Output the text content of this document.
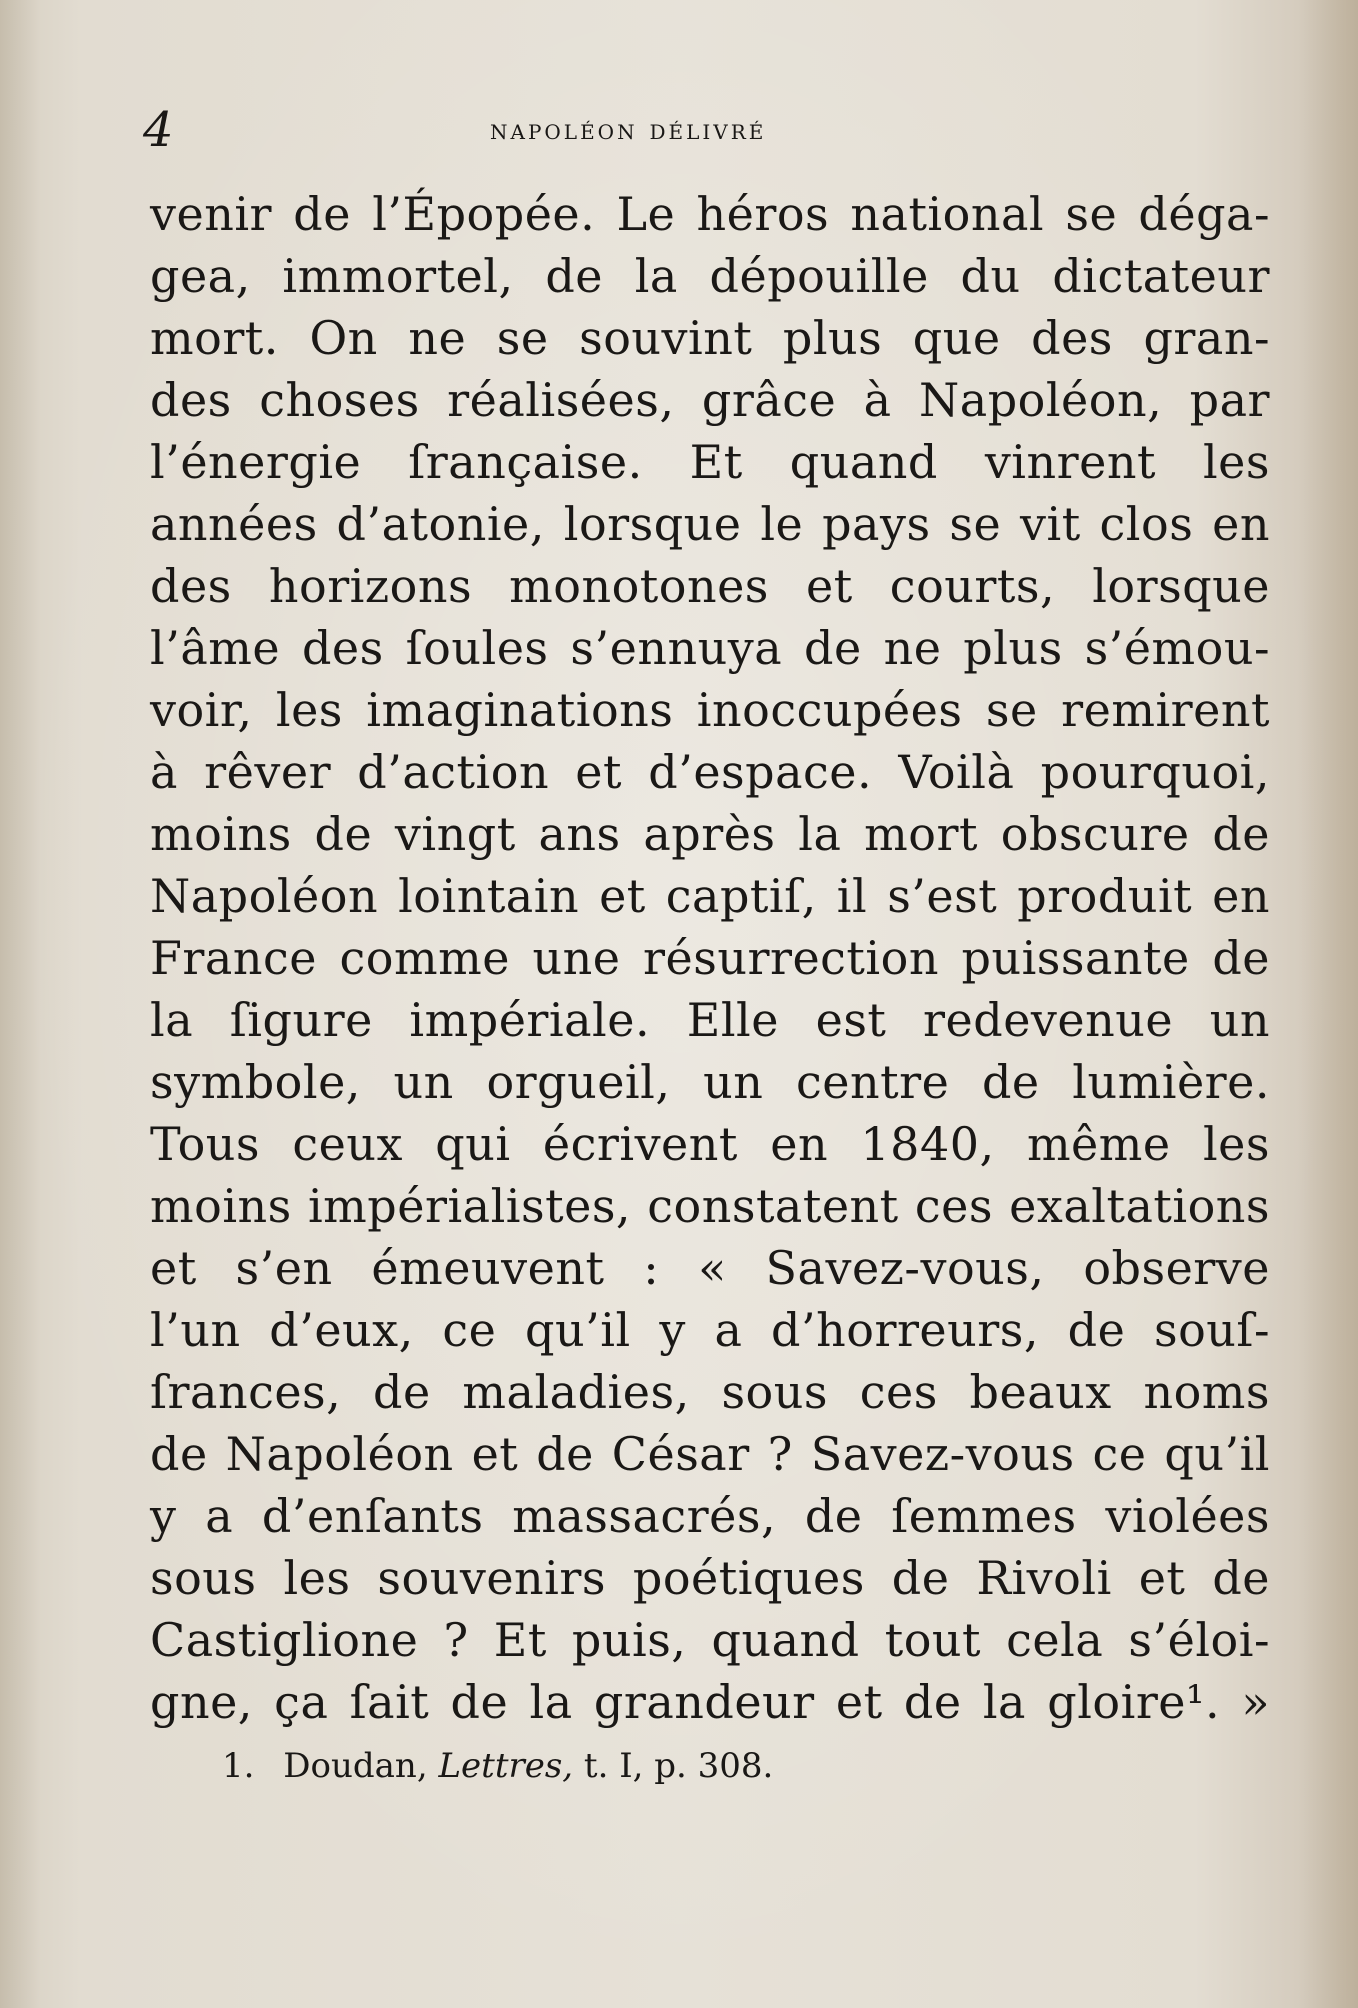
4	napoléon délivré
venir de l’Épopée. Le héros national se déga-
gea, immortel, de la dépouille du dictateur
mort. On ne se souvint plus que des gran-
des choses réalisées, grâce à Napoléon, par
l’énergie ſrançaise. Et quand vinrent les
années d’atonie, lorsque le pays se vit clos en
des horizons monotones et courts, lorsque
l’âme des ſoules s’ennuya de ne plus s’émou-
voir, les imaginations inoccupées se remirent
à rêver d’action et d’espace. Voilà pourquoi,
moins de vingt ans après la mort obscure de
Napoléon lointain et captiſ, il s’est produit en
France comme une résurrection puissante de
la ſigure impériale. Elle est redevenue un
symbole, un orgueil, un centre de lumière.
Tous ceux qui écrivent en 1840, même les
moins impérialistes, constatent ces exaltations
et s’en émeuvent : « Savez-vous, observe
l’un d’eux, ce qu’il y a d’horreurs, de souſ-
ſrances, de maladies, sous ces beaux noms
de Napoléon et de César ? Savez-vous ce qu’il
y a d’enſants massacrés, de ſemmes violées
sous les souvenirs poétiques de Rivoli et de
Castiglione ? Et puis, quand tout cela s’éloi-
gne, ça ſait de la grandeur et de la gloire¹. »
1. Doudan, Lettres, t. I, p. 308.
